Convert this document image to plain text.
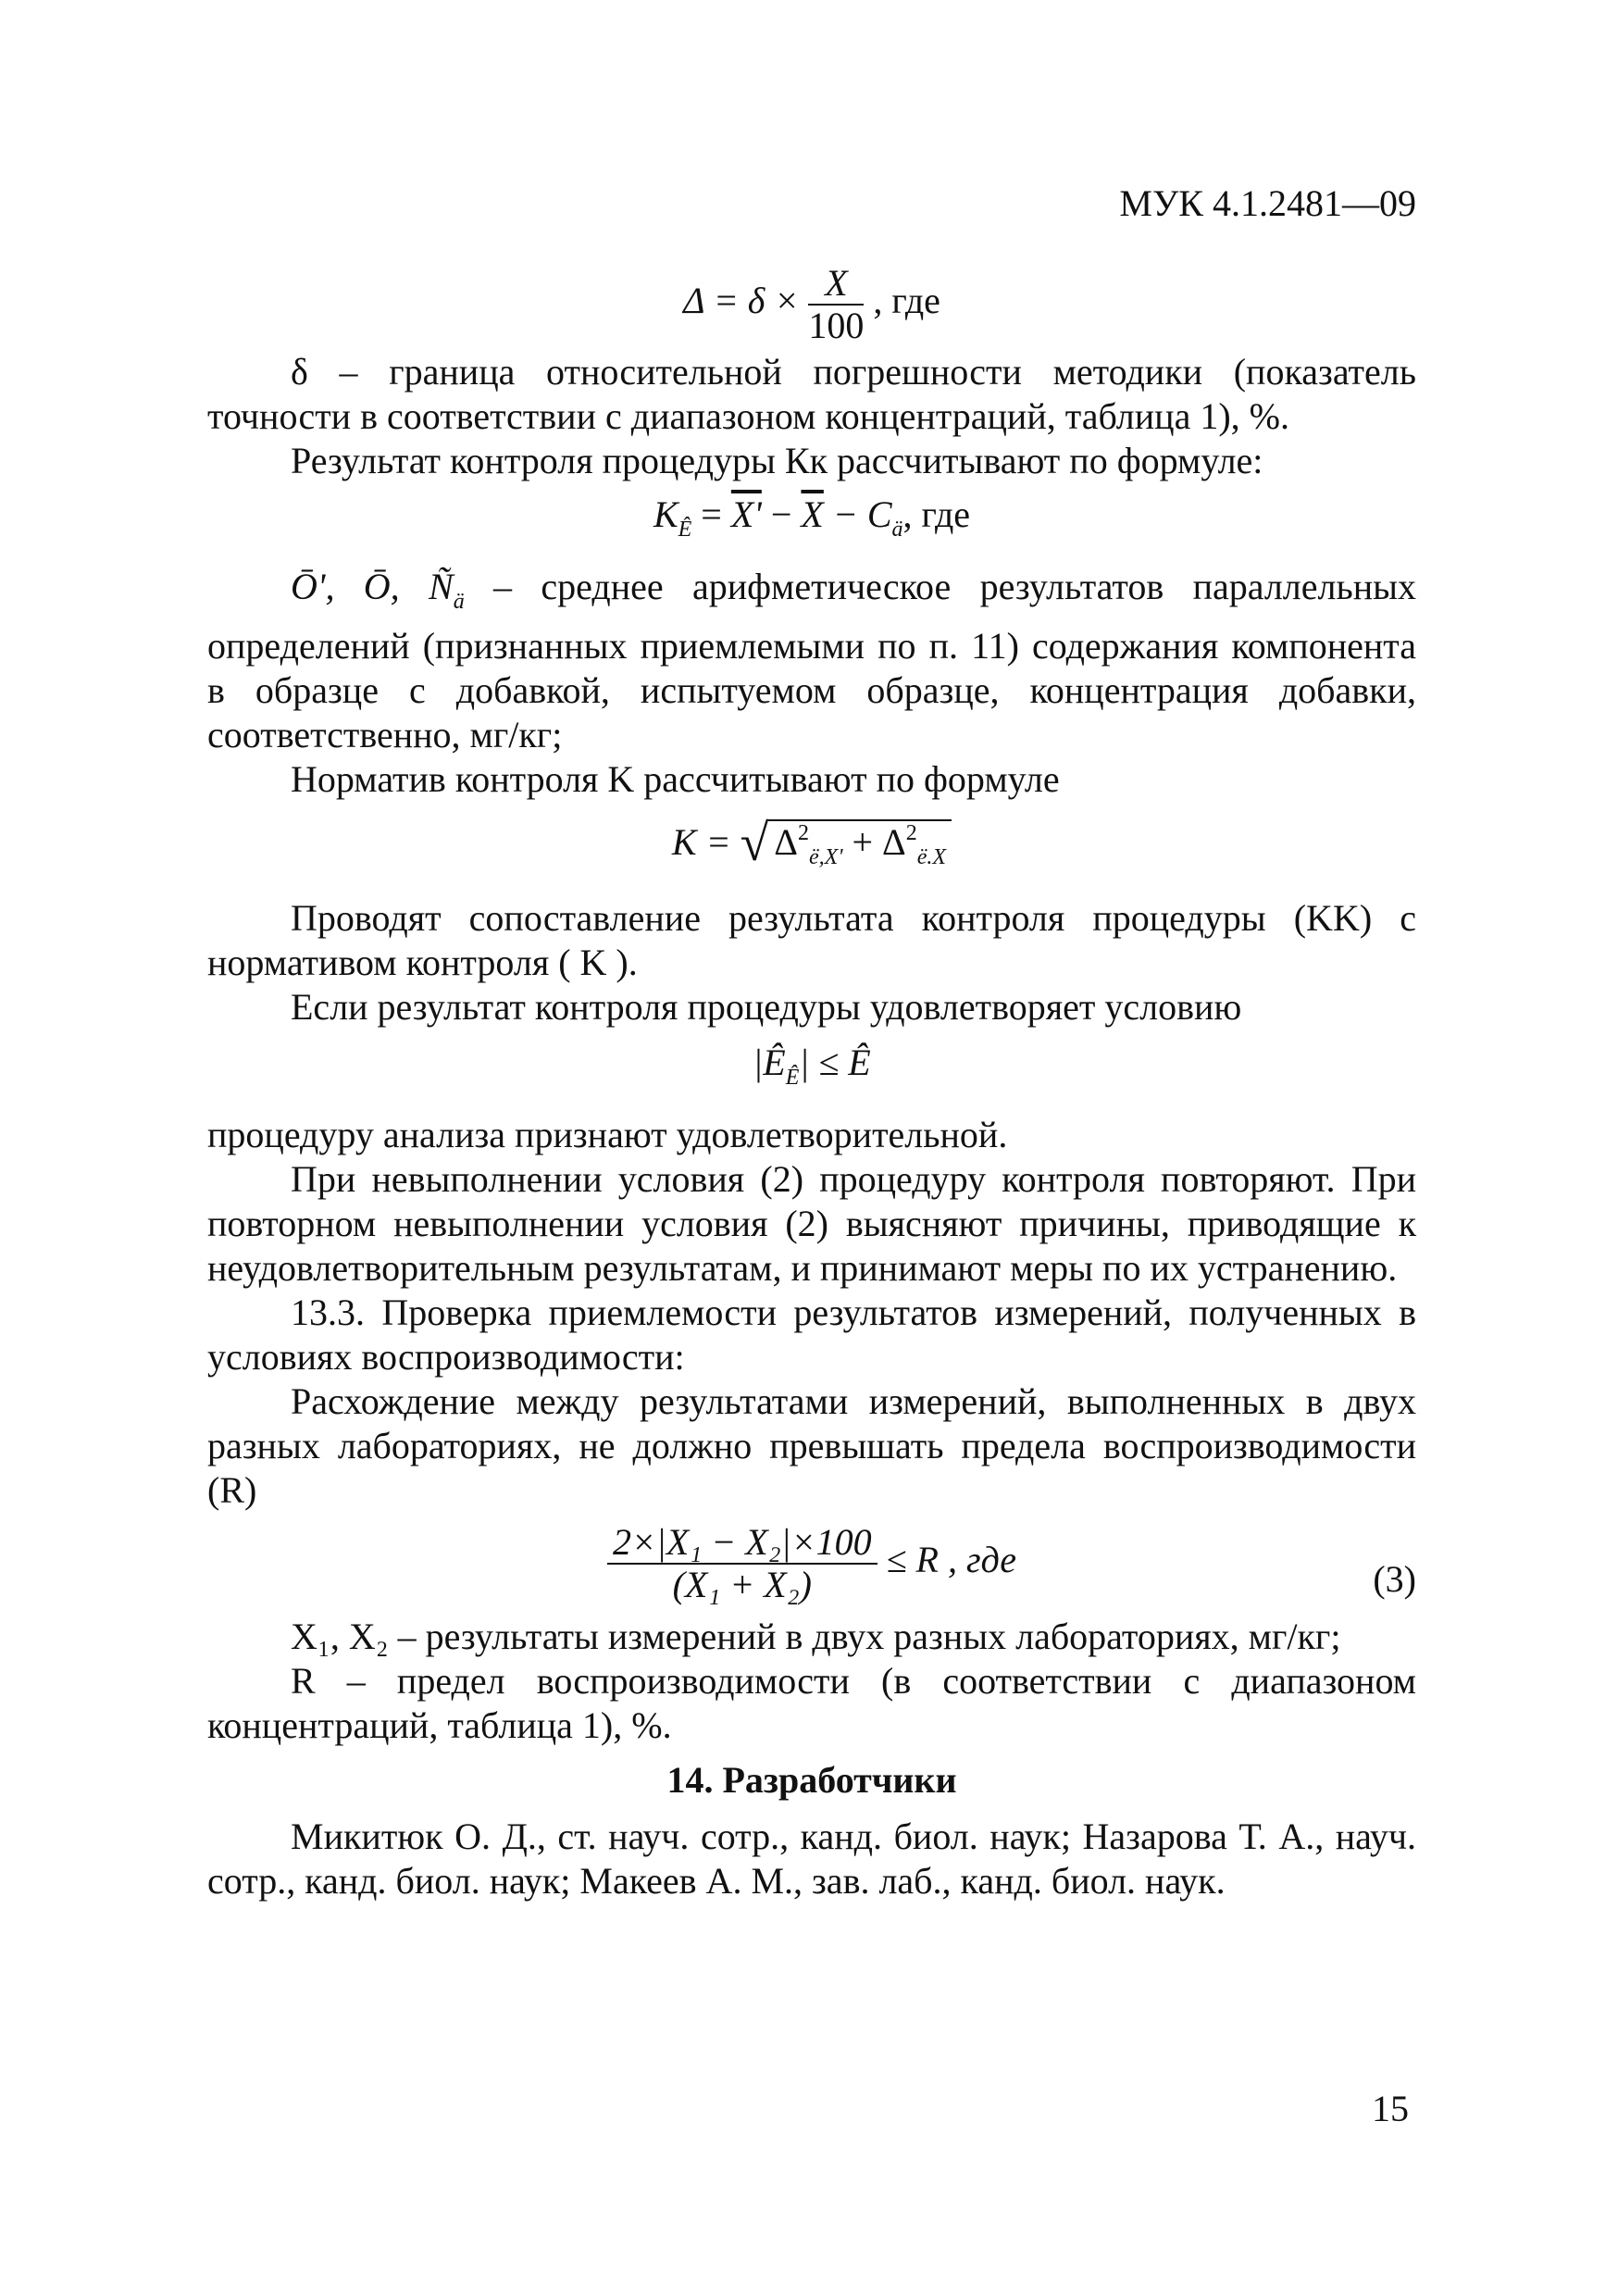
МУК 4.1.2481—09
$\Delta = \delta \times \frac{X}{100}$ , где

δ – граница относительной погрешности методики (показатель точности в соответствии с диапазоном концентраций, таблица 1), %.

Результат контроля процедуры Кк рассчитывают по формуле:

$K_Ê = X' - \overline{X} - C_ä$, где

Ō', Ō, $Ñ_ä$ – среднее арифметическое результатов параллельных определений (признанных приемлемыми по п. 11) содержания компонента в образце с добавкой, испытуемом образце, концентрация добавки, соответственно, мг/кг;

Норматив контроля K рассчитывают по формуле

K = √ $\Delta^2_{ë,X'} + \Delta^2_{ë.X}$

Проводят сопоставление результата контроля процедуры (KK) с нормативом контроля ( K ).

Если результат контроля процедуры удовлетворяет условию

$|Ê_Ê|$ ≤ Ê

процедуру анализа признают удовлетворительной.

При невыполнении условия (2) процедуру контроля повторяют. При повторном невыполнении условия (2) выясняют причины, приводящие к неудовлетворительным результатам, и принимают меры по их устранению.

13.3. Проверка приемлемости результатов измерений, полученных в условиях воспроизводимости:

Расхождение между результатами измерений, выполненных в двух разных лабораториях, не должно превышать предела воспроизводимости (R)

$\frac{\text{2×|X₁ − X₂|×100}}{\text{(X₁ + X₂)}} \le R$ , где	(3)

X₁, X₂ – результаты измерений в двух разных лабораториях, мг/кг;

R – предел воспроизводимости (в соответствии с диапазоном концентраций, таблица 1), %.

14. Разработчики

Микитюк О. Д., ст. науч. сотр., канд. биол. наук; Назарова Т. А., науч. сотр., канд. биол. наук; Макеев А. М., зав. лаб., канд. биол. наук.

15
